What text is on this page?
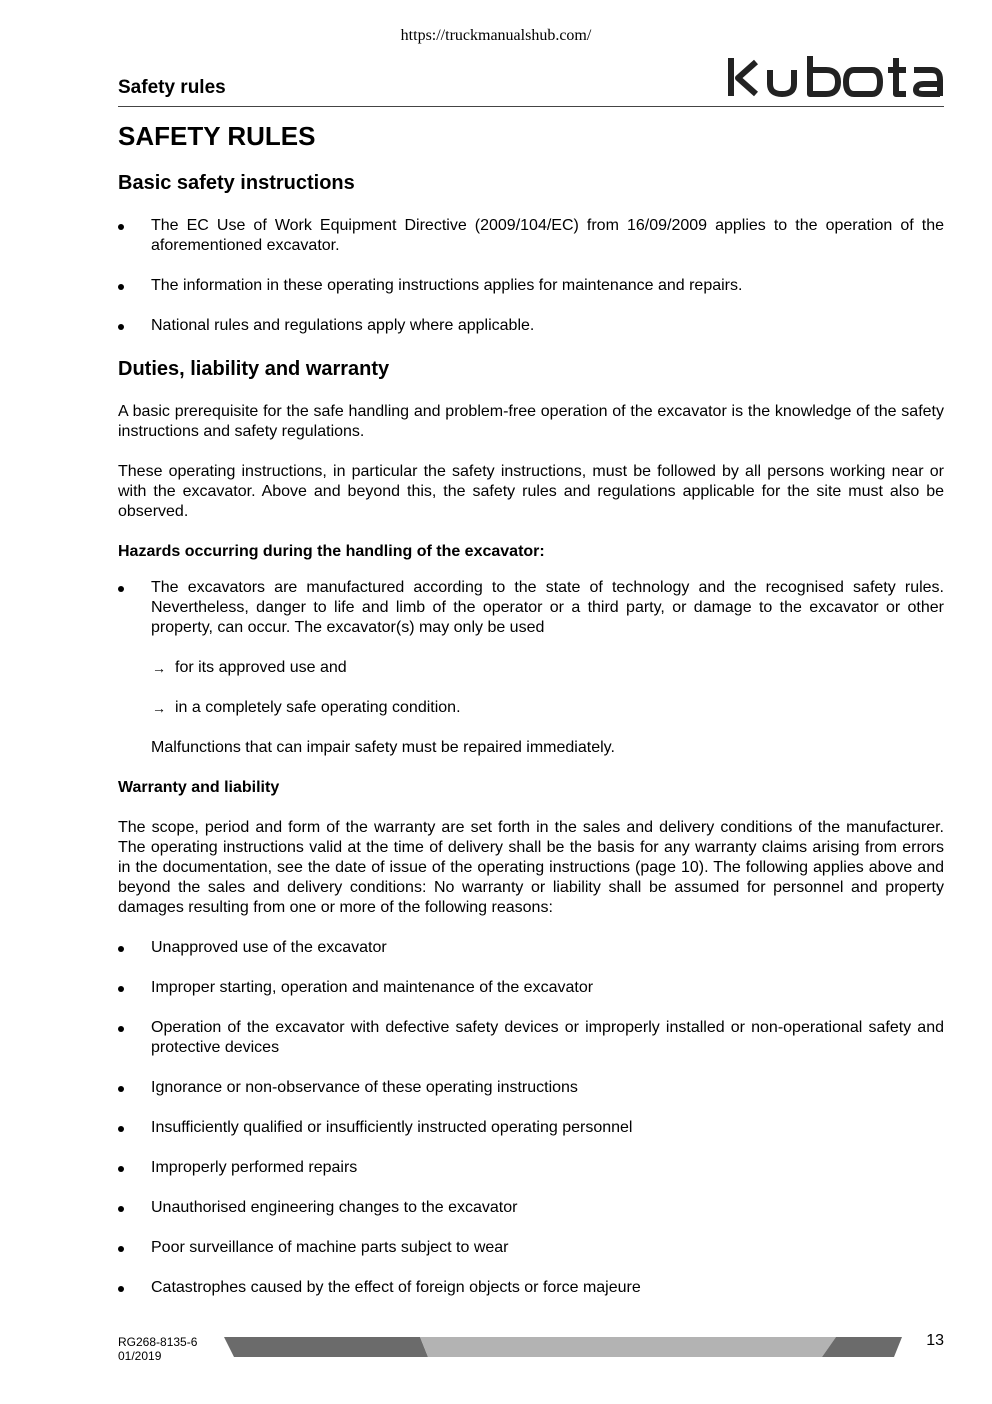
https://truckmanualshub.com/
Safety rules
SAFETY RULES
Basic safety instructions
The EC Use of Work Equipment Directive (2009/104/EC) from 16/09/2009 applies to the operation of the aforementioned excavator.
The information in these operating instructions applies for maintenance and repairs.
National rules and regulations apply where applicable.
Duties, liability and warranty

A basic prerequisite for the safe handling and problem-free operation of the excavator is the knowledge of the safety instructions and safety regulations.

These operating instructions, in particular the safety instructions, must be followed by all persons working near or with the excavator. Above and beyond this, the safety rules and regulations applicable for the site must also be observed.

Hazards occurring during the handling of the excavator:
The excavators are manufactured according to the state of technology and the recognised safety rules. Nevertheless, danger to life and limb of the operator or a third party, or damage to the excavator or other property, can occur. The excavator(s) may only be used
→ for its approved use and
→ in a completely safe operating condition.
Malfunctions that can impair safety must be repaired immediately.
Warranty and liability

The scope, period and form of the warranty are set forth in the sales and delivery conditions of the manufacturer. The operating instructions valid at the time of delivery shall be the basis for any warranty claims arising from errors in the documentation, see the date of issue of the operating instructions (page 10). The following applies above and beyond the sales and delivery conditions: No warranty or liability shall be assumed for personnel and property damages resulting from one or more of the following reasons:

Unapproved use of the excavator
Improper starting, operation and maintenance of the excavator
Operation of the excavator with defective safety devices or improperly installed or non-operational safety and protective devices
Ignorance or non-observance of these operating instructions
Insufficiently qualified or insufficiently instructed operating personnel
Improperly performed repairs
Unauthorised engineering changes to the excavator
Poor surveillance of machine parts subject to wear
Catastrophes caused by the effect of foreign objects or force majeure
RG268-8135-6
01/2019
13
